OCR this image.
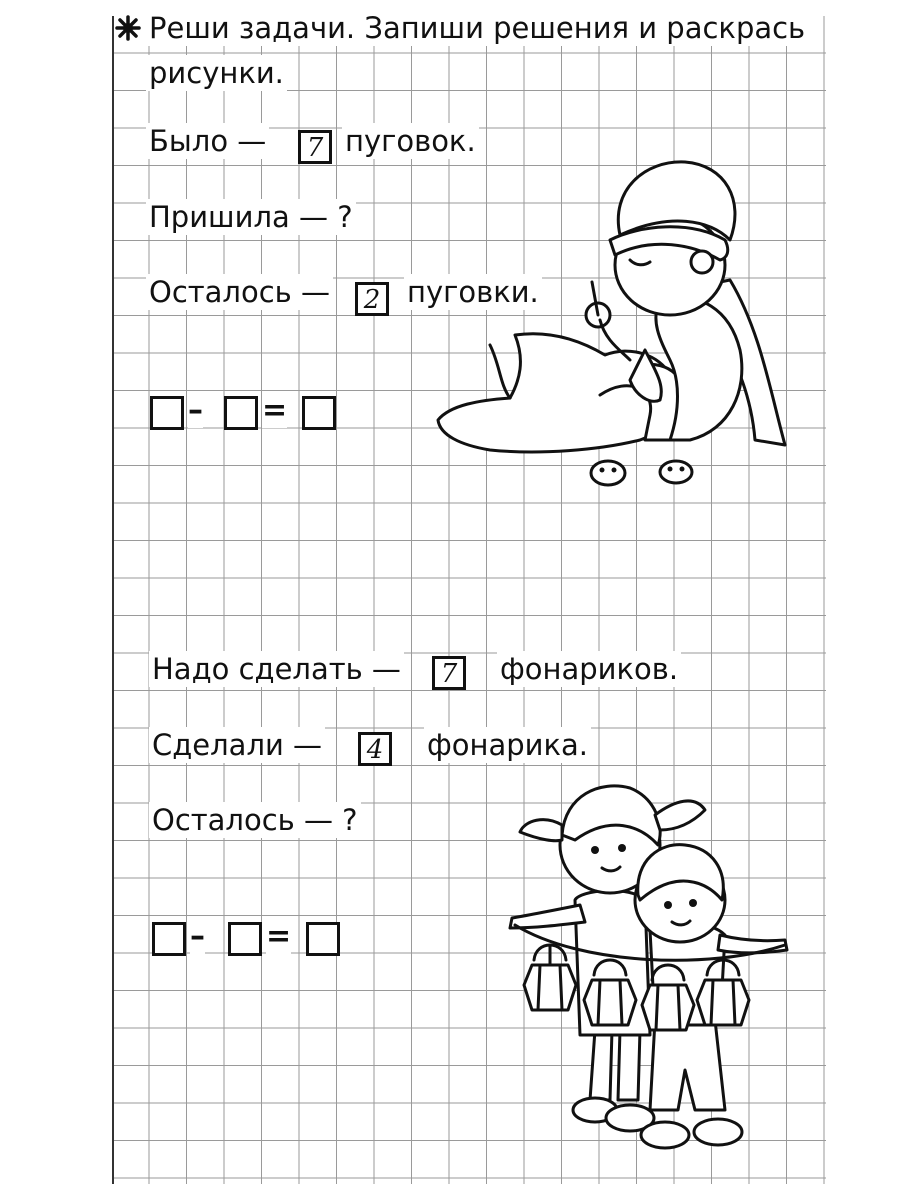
Реши задачи. Запиши решения и раскрась
рисунки.
Было —	7 пуговок.
Пришила — ?
Осталось —	2 пуговки.
– =
Надо сделать —	7	фонариков.
Сделали —	4	фонарика.
Осталось — ?
– =
